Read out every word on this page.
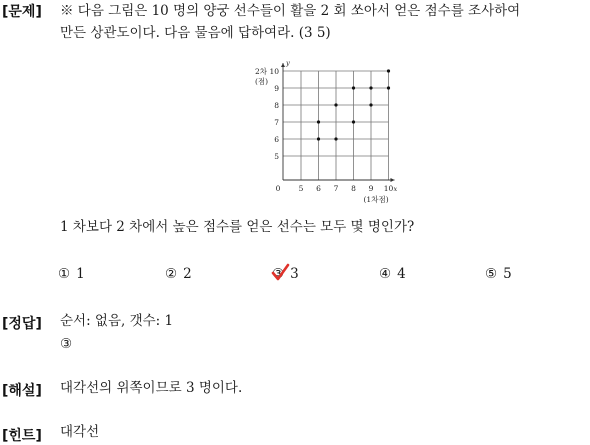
[문제] ※ 다음 그림은 10 명의 양궁 선수들이 활을 2 회 쏘아서 얻은 점수를 조사하여
만든 상관도이다. 다음 물음에 답하여라. (3 5)
0 5 6 7 8 9 10
5
6
7
8
9
10
y
x
2차
(점)
(1차점)
1 차보다 2 차에서 높은 점수를 얻은 선수는 모두 몇 명인가?
① 1	② 2	③ 3	④ 4	⑤ 5
[정답] 순서: 없음, 갯수: 1
③
[해설] 대각선의 위쪽이므로 3 명이다.
[힌트] 대각선
